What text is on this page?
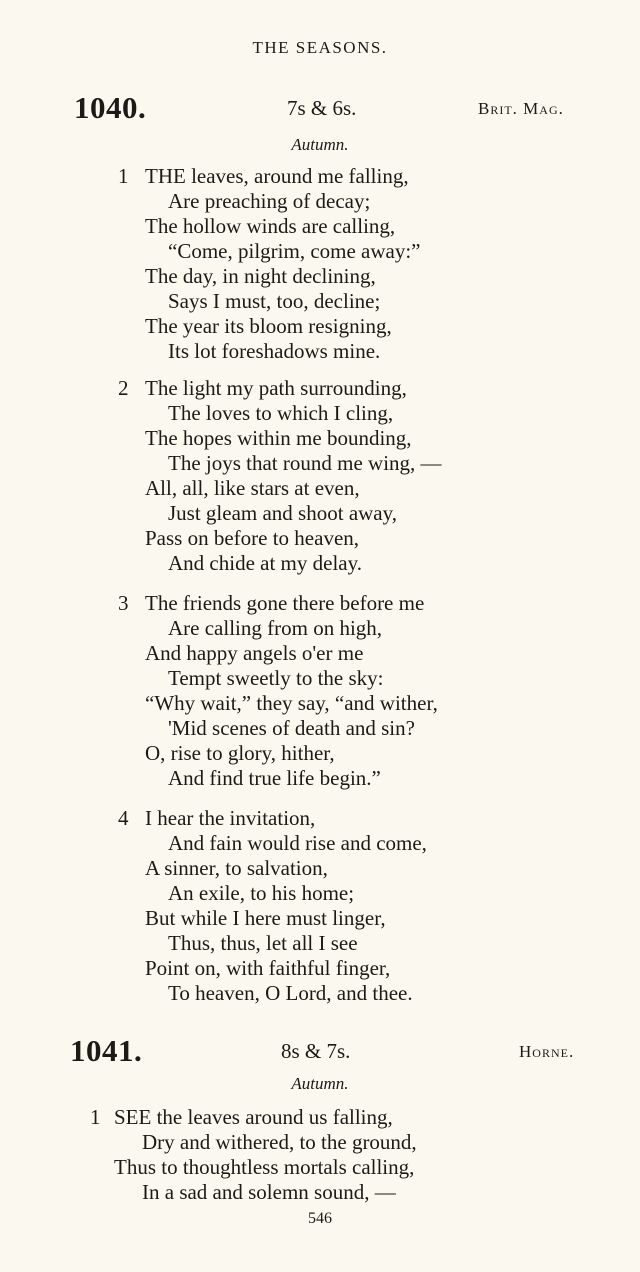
THE SEASONS.
1040.	7s & 6s.	Brit. Mag.
Autumn.
1 THE leaves, around me falling,
Are preaching of decay;
The hollow winds are calling,
“Come, pilgrim, come away:”
The day, in night declining,
Says I must, too, decline;
The year its bloom resigning,
Its lot foreshadows mine.
2 The light my path surrounding,
The loves to which I cling,
The hopes within me bounding,
The joys that round me wing, —
All, all, like stars at even,
Just gleam and shoot away,
Pass on before to heaven,
And chide at my delay.
3 The friends gone there before me
Are calling from on high,
And happy angels o'er me
Tempt sweetly to the sky:
“Why wait,” they say, “and wither,
'Mid scenes of death and sin?
O, rise to glory, hither,
And find true life begin.”
4 I hear the invitation,
And fain would rise and come,
A sinner, to salvation,
An exile, to his home;
But while I here must linger,
Thus, thus, let all I see
Point on, with faithful finger,
To heaven, O Lord, and thee.
1041.	8s & 7s.	Horne.
Autumn.
1 SEE the leaves around us falling,
Dry and withered, to the ground,
Thus to thoughtless mortals calling,
In a sad and solemn sound, —
546
